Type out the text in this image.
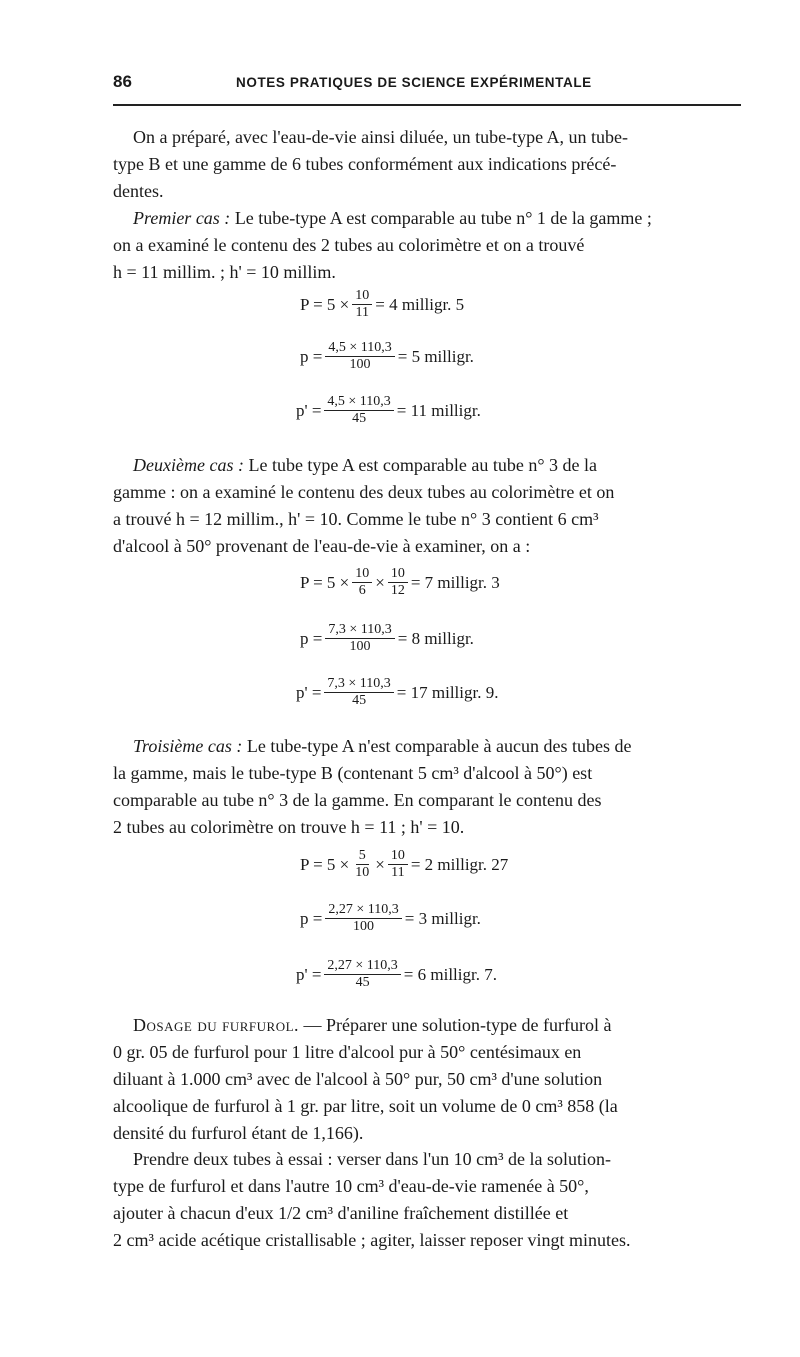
86	NOTES PRATIQUES DE SCIENCE EXPÉRIMENTALE
On a préparé, avec l'eau-de-vie ainsi diluée, un tube-type A, un tube-
type B et une gamme de 6 tubes conformément aux indications précé-
dentes.
Premier cas : Le tube-type A est comparable au tube n° 1 de la gamme ;
on a examiné le contenu des 2 tubes au colorimètre et on a trouvé
h = 11 millim. ; h' = 10 millim.
$P = 5 \times \frac{10}{11} = 4$ milligr. 5
$p = \frac{4,5 \times 110,3}{100} = 5$ milligr.
$p' = \frac{4,5 \times 110,3}{45} = 11$ milligr.
Deuxième cas : Le tube type A est comparable au tube n° 3 de la
gamme : on a examiné le contenu des deux tubes au colorimètre et on
a trouvé h = 12 millim., h' = 10. Comme le tube n° 3 contient 6 cm³
d'alcool à 50° provenant de l'eau-de-vie à examiner, on a :
$P = 5 \times \frac{10}{6} \times \frac{10}{12} = 7$ milligr. 3
$p = \frac{7,3 \times 110,3}{100} = 8$ milligr.
$p' = \frac{7,3 \times 110,3}{45} = 17$ milligr. 9.
Troisième cas : Le tube-type A n'est comparable à aucun des tubes de
la gamme, mais le tube-type B (contenant 5 cm³ d'alcool à 50°) est
comparable au tube n° 3 de la gamme. En comparant le contenu des
2 tubes au colorimètre on trouve h = 11 ; h' = 10.
$P = 5 \times \frac{5}{10} \times \frac{10}{11} = 2$ milligr. 27
$p = \frac{2,27 \times 110,3}{100} = 3$ milligr.
$p' = \frac{2,27 \times 110,3}{45} = 6$ milligr. 7.
Dosage du furfurol. — Préparer une solution-type de furfurol à
0 gr. 05 de furfurol pour 1 litre d'alcool pur à 50° centésimaux en
diluant à 1.000 cm³ avec de l'alcool à 50° pur, 50 cm³ d'une solution
alcoolique de furfurol à 1 gr. par litre, soit un volume de 0 cm³ 858 (la
densité du furfurol étant de 1,166).
Prendre deux tubes à essai : verser dans l'un 10 cm³ de la solution-
type de furfurol et dans l'autre 10 cm³ d'eau-de-vie ramenée à 50°,
ajouter à chacun d'eux 1/2 cm³ d'aniline fraîchement distillée et
2 cm³ acide acétique cristallisable ; agiter, laisser reposer vingt minutes.
